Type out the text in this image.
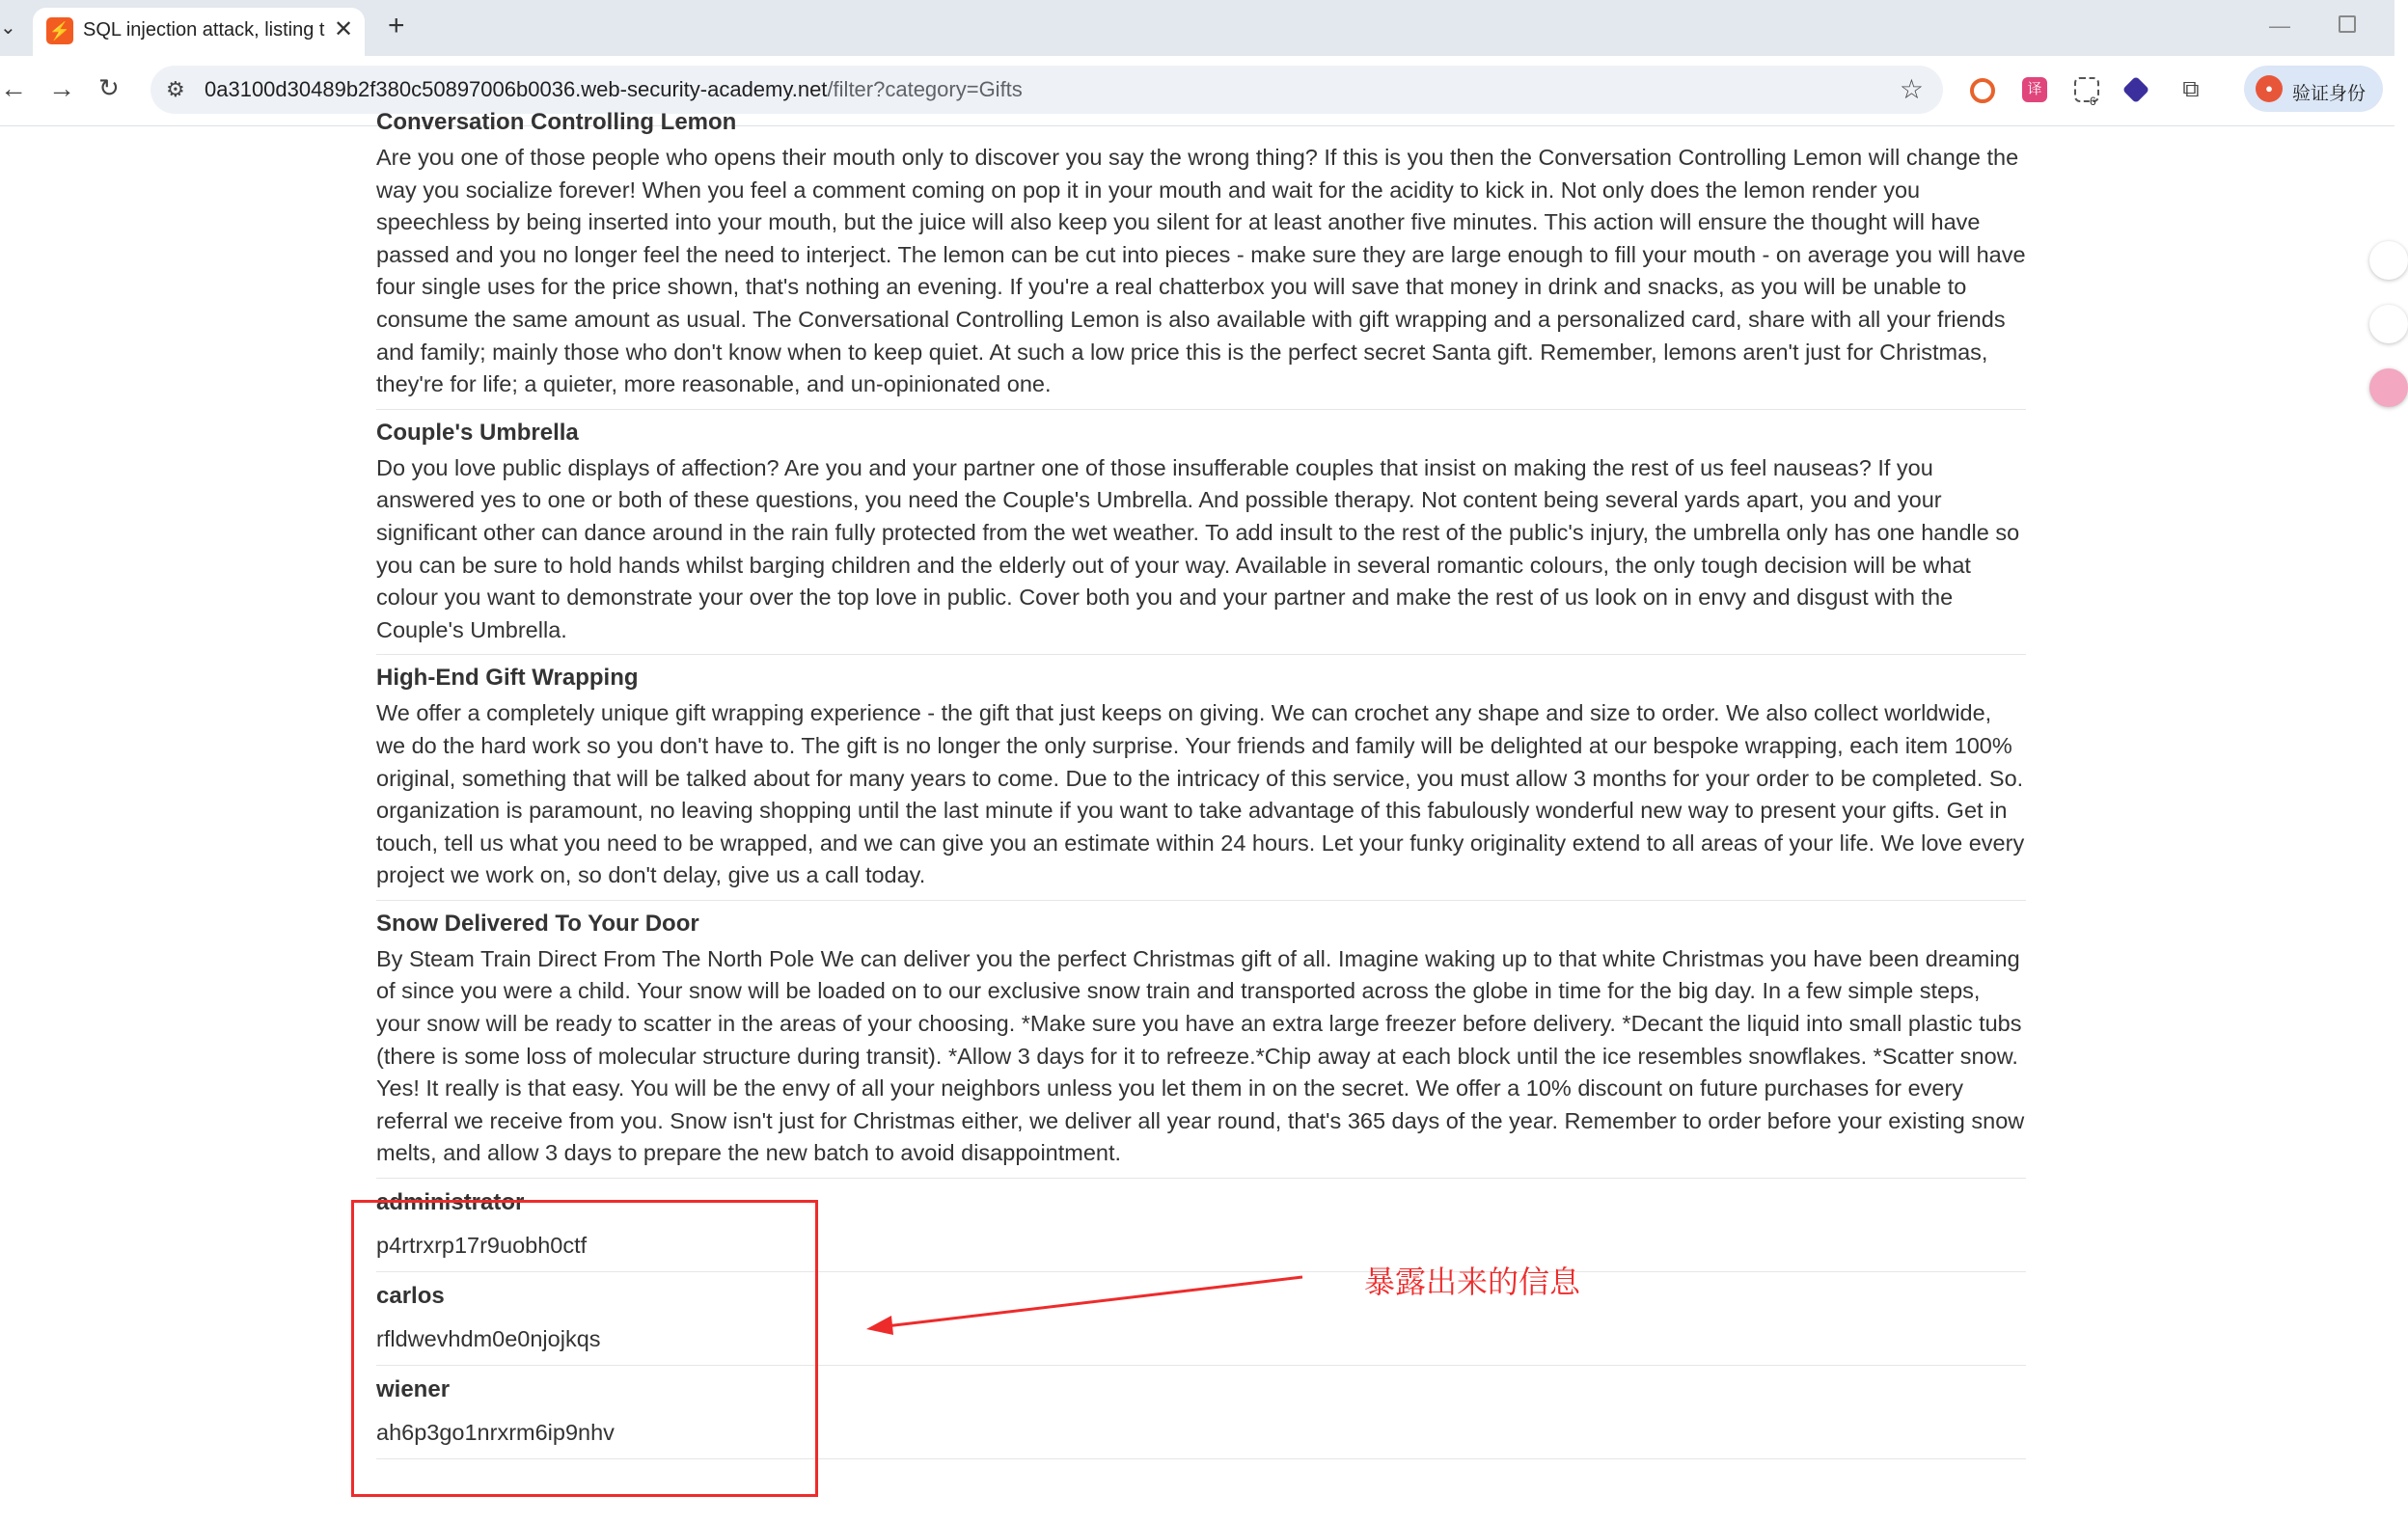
⌄ ⚡ SQL injection attack, listing t ✕ +	—
← → ↻ ⚙ 0a3100d30489b2f380c50897006b0036.web-security-academy.net/filter?category=Gifts	☆	译
6	⧉	●	验证身份
Conversation Controlling Lemon

Are you one of those people who opens their mouth only to discover you say the wrong thing? If this is you then the Conversation Controlling Lemon will change the way you socialize forever! When you feel a comment coming on pop it in your mouth and wait for the acidity to kick in. Not only does the lemon render you speechless by being inserted into your mouth, but the juice will also keep you silent for at least another five minutes. This action will ensure the thought will have passed and you no longer feel the need to interject. The lemon can be cut into pieces - make sure they are large enough to fill your mouth - on average you will have four single uses for the price shown, that's nothing an evening. If you're a real chatterbox you will save that money in drink and snacks, as you will be unable to consume the same amount as usual. The Conversational Controlling Lemon is also available with gift wrapping and a personalized card, share with all your friends and family; mainly those who don't know when to keep quiet. At such a low price this is the perfect secret Santa gift. Remember, lemons aren't just for Christmas, they're for life; a quieter, more reasonable, and un-opinionated one.

Couple's Umbrella

Do you love public displays of affection? Are you and your partner one of those insufferable couples that insist on making the rest of us feel nauseas? If you answered yes to one or both of these questions, you need the Couple's Umbrella. And possible therapy. Not content being several yards apart, you and your significant other can dance around in the rain fully protected from the wet weather. To add insult to the rest of the public's injury, the umbrella only has one handle so you can be sure to hold hands whilst barging children and the elderly out of your way. Available in several romantic colours, the only tough decision will be what colour you want to demonstrate your over the top love in public. Cover both you and your partner and make the rest of us look on in envy and disgust with the Couple's Umbrella.

High-End Gift Wrapping

We offer a completely unique gift wrapping experience - the gift that just keeps on giving. We can crochet any shape and size to order. We also collect worldwide, we do the hard work so you don't have to. The gift is no longer the only surprise. Your friends and family will be delighted at our bespoke wrapping, each item 100% original, something that will be talked about for many years to come. Due to the intricacy of this service, you must allow 3 months for your order to be completed. So. organization is paramount, no leaving shopping until the last minute if you want to take advantage of this fabulously wonderful new way to present your gifts. Get in touch, tell us what you need to be wrapped, and we can give you an estimate within 24 hours. Let your funky originality extend to all areas of your life. We love every project we work on, so don't delay, give us a call today.

Snow Delivered To Your Door

By Steam Train Direct From The North Pole We can deliver you the perfect Christmas gift of all. Imagine waking up to that white Christmas you have been dreaming of since you were a child. Your snow will be loaded on to our exclusive snow train and transported across the globe in time for the big day. In a few simple steps, your snow will be ready to scatter in the areas of your choosing. *Make sure you have an extra large freezer before delivery. *Decant the liquid into small plastic tubs (there is some loss of molecular structure during transit). *Allow 3 days for it to refreeze.*Chip away at each block until the ice resembles snowflakes. *Scatter snow. Yes! It really is that easy. You will be the envy of all your neighbors unless you let them in on the secret. We offer a 10% discount on future purchases for every referral we receive from you. Snow isn't just for Christmas either, we deliver all year round, that's 365 days of the year. Remember to order before your existing snow melts, and allow 3 days to prepare the new batch to avoid disappointment.

administrator
p4rtrxrp17r9uobh0ctf
carlos
rfldwevhdm0e0njojkqs
wiener
ah6p3go1nrxrm6ip9nhv
暴露出来的信息
